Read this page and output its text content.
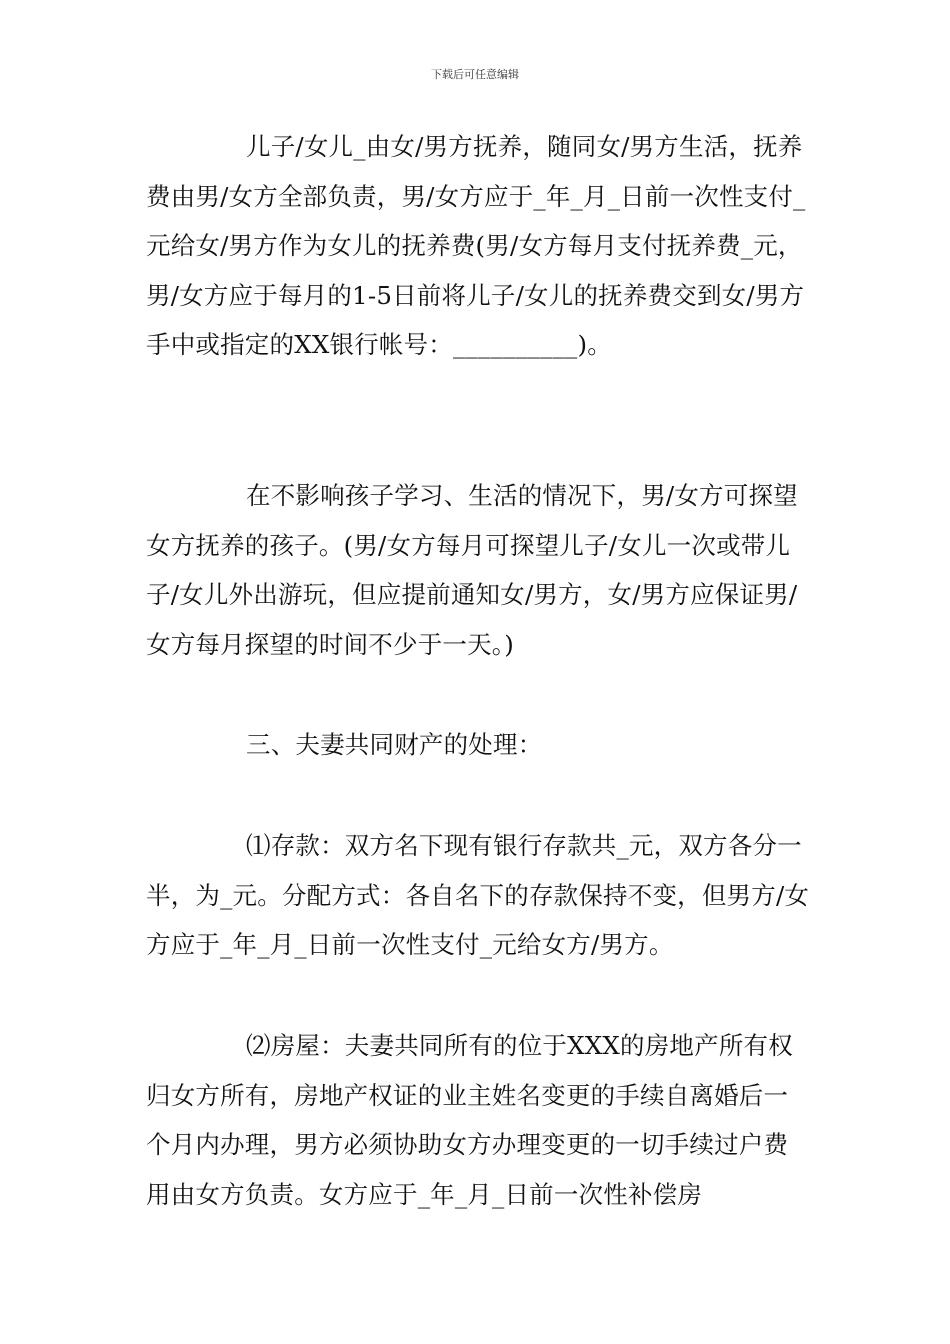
下载后可任意编辑

儿子/女儿_由女/男方抚养，随同女/男方生活，抚养费由男/女方全部负责，男/女方应于_年_月_日前一次性支付_元给女/男方作为女儿的抚养费(男/女方每月支付抚养费_元，男/女方应于每月的1-5日前将儿子/女儿的抚养费交到女/男方手中或指定的XX银行帐号：__________)。

在不影响孩子学习、生活的情况下，男/女方可探望女方抚养的孩子。(男/女方每月可探望儿子/女儿一次或带儿子/女儿外出游玩，但应提前通知女/男方，女/男方应保证男/女方每月探望的时间不少于一天。)

三、夫妻共同财产的处理：

⑴存款：双方名下现有银行存款共_元，双方各分一半，为_元。分配方式：各自名下的存款保持不变，但男方/女方应于_年_月_日前一次性支付_元给女方/男方。

⑵房屋：夫妻共同所有的位于XXX的房地产所有权归女方所有，房地产权证的业主姓名变更的手续自离婚后一个月内办理，男方必须协助女方办理变更的一切手续过户费用由女方负责。女方应于_年_月_日前一次性补偿房
